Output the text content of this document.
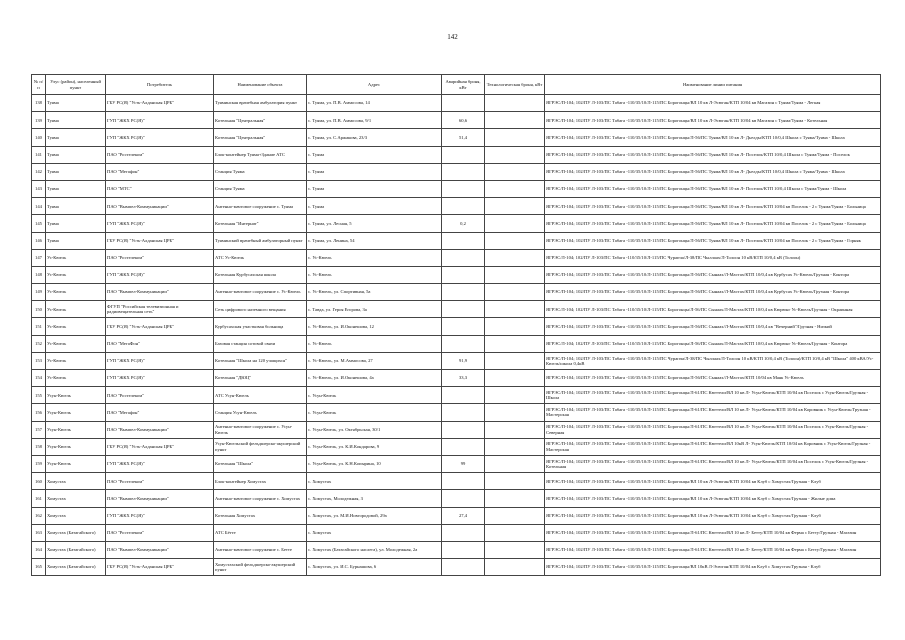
142
№ п/п	Улус (район), населенный пункт	Потребитель	Наименование объекта	Адрес	Аварийная броня, кВт	Технологическая броня, кВт	Наименование линии питания
138	Туяма	ГБУ РС(Я) "Усть-Алданская ЦРБ"	Туяминская врачебная амбулатория пункт	с. Туяма, ул. П.В. Аммосова, 14			ЯГРЭС/П-104; 102/ПУ Л-103/ПС Табага -110/35/10/Л-115/ПС Борогонцы/ВЛ 10 кв Л-Эсюган/КТП 10/04 кв Магазин с Туяма/Туяма - Легкая
139	Туяма	ГУП "ЖКХ РС(Я)"	Котельная "Центральная"	с. Туяма, ул. П.В. Аммосова, 9/1	60,6		ЯГРЭС/П-104; 102/ПУ Л-103/ПС Табага -110/35/10/Л-115/ПС Борогонцы/ВЛ 10 кв Л-Эсюган/КТП 10/04 кв Магазин с Туяма/Туяма - Котельная
140	Туяма	ГУП "ЖКХ РС(Я)"	Котельная "Центральная"	с. Туяма, ул. С.Аржакова, 23/3	51,4		ЯГРЭС/П-104; 102/ПУ Л-103/ПС Табага -110/35/10/Л-115/ПС Борогонцы/Л-56/ПС Туяма/ВЛ 10 кв Л- Дьелды/КТП 10/0,4 Школа с Туяма/Туяма - Школа
141	Туяма	ПАО "Ростелеком"	Блок-контейнер Туяма+Здание АТС	с. Туяма			ЯГРЭС/П-104; 102/ПУ Л-103/ПС Табага -110/35/10/Л-115/ПС Борогонцы/Л-56/ПС Туяма/ВЛ 10 кв Л- Поселок/КТП 10/0,4 Школа с Туяма/Туяма - Поселок
142	Туяма	ПАО "Мегафон"	Станция Туяма	с. Туяма			ЯГРЭС/П-104; 102/ПУ Л-103/ПС Табага -110/35/10/Л-115/ПС Борогонцы/Л-56/ПС Туяма/ВЛ 10 кв Л- Дьелды/КТП 10/0,4 Школа с Туяма/Туяма - Школа
143	Туяма	ПАО "МТС"	Станция Туяма	с. Туяма			ЯГРЭС/П-104; 102/ПУ Л-103/ПС Табага -110/35/10/Л-115/ПС Борогонцы/Л-56/ПС Туяма/ВЛ 10 кв Л- Поселок/КТП 10/0,4 Школа с Туяма/Туяма - Школа
144	Туяма	ПАО "Вымпел-Коммуникации"	Антенно-мачтовое сооружение с. Туяма	с. Туяма			ЯГРЭС/П-104; 102/ПУ Л-103/ПС Табага -110/35/10/Л-115/ПС Борогонцы/Л-56/ПС Туяма/ВЛ 10 кв Л- Поселок/КТП 10/04 кв Поселок - 2 с Туяма/Туяма - Больница
145	Туяма	ГУП "ЖКХ РС(Я)"	Котельная "Интернат"	с. Туяма, ул. Лесная, 5	0,2		ЯГРЭС/П-104; 102/ПУ Л-103/ПС Табага -110/35/10/Л-115/ПС Борогонцы/Л-56/ПС Туяма/ВЛ 10 кв Л- Поселок/КТП 10/04 кв Поселок - 2 с Туяма/Туяма - Больница
146	Туяма	ГБУ РС(Я) "Усть-Алданская ЦРБ"	Туяминский врачебный амбулаторный пункт	с. Туяма, ул. Ленина, 54			ЯГРЭС/П-104; 102/ПУ Л-103/ПС Табага -110/35/10/Л-115/ПС Борогонцы/Л-56/ПС Туяма/ВЛ 10 кв Л- Поселок/КТП 10/04 кв Поселок - 2 с Туяма/Туяма - Горняк
147	Ус-Кюель	ПАО "Ростелеком"	АТС Ус-Кюель	с. Ус-Кюель			ЯГРЭС/Л-104; 102/ПУ Л-103/ПС Табага -110/35/10/Л-115/ПС Чурапча/Л-38/ПС Чыллаах/Л-Толоон 10 кВ/КТП 10/0,4 кВ (Толоон)
148	Ус-Кюель	ГУП "ЖКХ РС(Я)"	Котельная Курбусахская школа	с. Ус-Кюель			ЯГРЭС/П-104; 102/ПУ Л-103/ПС Табага -110/35/10/Л-115/ПС Борогонцы/Л-56/ПС Сынаах/Л-Мастах/КТП 10/0,4 кв Курбусах Ус-Кюель/Грузная - Контора
149	Ус-Кюель	ПАО "Вымпел-Коммуникации"	Антенно-мачтовое сооружение с. Ус-Кюель	с. Ус-Кюель, ул. Спортивная, 5а			ЯГРЭС/П-104; 102/ПУ Л-103/ПС Табага -110/35/10/Л-115/ПС Борогонцы/Л-56/ПС Сынаах/Л-Мастах/КТП 10/0,4 кв Курбусах Ус-Кюель/Грузная - Контора
150	Ус-Кюель	ФГУП "Российская телевизионная и радиовещательная сеть"	Сеть цифрового наземного вещания	с. Тавда, ул. Героя Егорова, 3а			ЯГРЭС/Л-104; 102/ПУ Л-103/ПС Табага -110/35/10/Л-115/ПС Борогонцы/Л-56/ПС Сынаах/Л-Мастах/КТП 10/0,4 кв Кюрюнг Ус-Кюель/Грузная - Окраинная
151	Ус-Кюель	ГБУ РС(Я) "Усть-Алданская ЦРБ"	Курбусахская участковая больница	с. Ус-Кюель, ул. И.Оконешова, 12			ЯГРЭС/П-104; 102/ПУ Л-103/ПС Табага -110/35/10/Л-115/ПС Борогонцы/Л-56/ПС Сынаах/Л-Мастах/КТП 10/0,4 кв "Вечерний"/Грузная - Низкий
152	Ус-Кюель	ПАО "МегаФон"	Базовая станция сотовой связи	с. Ус-Кюель			ЯГРЭС/Л-104; 102/ПУ Л-103/ПС Табага -110/35/10/Л-115/ПС Борогонцы/Л-56/ПС Сынаах/Л-Мастах/КТП 10/0,4 кв Кюрюнг Ус-Кюель/Грузная - Контора
153	Ус-Кюель	ГУП "ЖКХ РС(Я)"	Котельная "Школа на 120 учащихся"	с. Ус-Кюель, ул. М.Аммосова, 27	91,9		ЯГРЭС/П-104; 102/ПУ Л-103/ПС Табага -110/35/10/Л-115/ПС Чурапча/Л-38/ПС Чыллаах/Л-Толоон 10 кВ/КТП 10/0,4 кВ (Толоон)/КТП 10/0,4 кВ "Школа" 400 кВА/Ус-Кюель/школа 0,4кВ
154	Ус-Кюель	ГУП "ЖКХ РС(Я)"	Котельная "ДЮЦ"	с. Ус-Кюель, ул. И.Оконешова, 4а	33,3		ЯГРЭС/П-104; 102/ПУ Л-103/ПС Табага -110/35/10/Л-115/ПС Борогонцы/Л-56/ПС Сынаах/Л-Мастах/КТП 10/04 кв Маяк Ус-Кюель
155	Усун-Кюель	ПАО "Ростелеком"	АТС Усун-Кюель	с. Усун-Кюель			ЯГРЭС/П-104; 102/ПУ Л-103/ПС Табага -110/35/10/Л-115/ПС Борогонцы/Л-61/ПС Кюттели/ВЛ 10 кв Л- Усун-Кюель/КТП 10/04 кв Поселок с Усун-Кюель/Грузная - Школа
156	Усун-Кюель	ПАО "Мегафон"	Станция Усун-Кюель	с. Усун-Кюель			ЯГРЭС/П-104; 102/ПУ Л-103/ПС Табага -110/35/10/Л-115/ПС Борогонцы/Л-61/ПС Кюттели/ВЛ 10 кв Л- Усун-Кюель/КТП 10/04 кв Коровник с Усун-Кюель/Грузная - Мастерская
157	Усун-Кюель	ПАО "Вымпел-Коммуникации"	Антенно-мачтовое сооружение с. Усун-Кюель	с. Усун-Кюель, ул. Октябрьская, 30/1			ЯГРЭС/П-104; 102/ПУ Л-103/ПС Табага -110/35/10/Л-115/ПС Борогонцы/Л-61/ПС Кюттели/ВЛ 10 кв Л- Усун-Кюель/КТП 10/04 кв Поселок с Усун-Кюель/Грузная - Северная
158	Усун-Кюель	ГБУ РС(Я) "Усть-Алданская ЦРБ"	Усун-Кюельский фельдшерско-акушерский пункт	с. Усун-Кюель, ул. К.И.Кондарова, 9			ЯГРЭС/П-104; 102/ПУ Л-103/ПС Табага -110/35/10/Л-115/ПС Борогонцы/Л-61/ПС Кюттели/ВЛ 10кВ Л- Усун-Кюель/КТП 10/04 кв Коровник с Усун-Кюель/Грузная - Мастерская
159	Усун-Кюель	ГУП "ЖКХ РС(Я)"	Котельная "Школа"	с. Усун-Кюель, ул. К.Н.Копырина, 10	99		ЯГРЭС/П-104; 102/ПУ Л-103/ПС Табага -110/35/10/Л-115/ПС Борогонцы/Л-61/ПС Кюттели/ВЛ 10 кв Л- Усун-Кюель/КТП 10/04 кв Поселок с Усун-Кюель/Грузная - Котельная
160	Хомустах	ПАО "Ростелеком"	Блок-контейнер Хомустах	с. Хомустах			ЯГРЭС/П-104; 102/ПУ Л-103/ПС Табага -110/35/10/Л-115/ПС Борогонцы/ВЛ 10 кв Л-Эсюган/КТП 10/04 кв Клуб с Хомустах/Грузная - Клуб
161	Хомустах	ПАО "Вымпел-Коммуникации"	Антенно-мачтовое сооружение с. Хомустах	с. Хомустах, Молодежная, 3			ЯГРЭС/П-104; 102/ПУ Л-103/ПС Табага -110/35/10/Л-115/ПС Борогонцы/ВЛ 10 кв Л-Эсюган/КТП 10/04 кв Клуб с Хомустах/Грузная - Жилые дома
162	Хомустах	ГУП "ЖКХ РС(Я)"	Котельная Хомустах	с. Хомустах, ул. М.И.Новгородовой, 29а	27,4		ЯГРЭС/П-104; 102/ПУ Л-103/ПС Табага -110/35/10/Л-115/ПС Борогонцы/ВЛ 10 кв Л-Эсюган/КТП 10/04 кв Клуб с Хомустах/Грузная - Клуб
163	Хомустах (Батагайского)	ПАО "Ростелеком"	АТС Бётте	с. Хомустах			ЯГРЭС/П-104; 102/ПУ Л-103/ПС Табага -110/35/10/Л-115/ПС Борогонцы/Л-61/ПС Кюттели/ВЛ 10 кв Л- Бетту/КТП 10/04 кв Ферма с Бетту/Грузная - Магазин
164	Хомустах (Батагайского)	ПАО "Вымпел-Коммуникации"	Антенно-мачтовое сооружение с. Бетте	с. Хомустах (Батагайского наслега), ул. Молодежная, 2а			ЯГРЭС/П-104; 102/ПУ Л-103/ПС Табага -110/35/10/Л-115/ПС Борогонцы/Л-61/ПС Кюттели/ВЛ 10 кв Л- Бетту/КТП 10/04 кв Ферма с Бетту/Грузная - Магазин
165	Хомустах (Батагайского)	ГБУ РС(Я) "Усть-Алданская ЦРБ"	Хомустахский фельдшерско-акушерский пункт	с. Хомустах, ул. И.С. Бурнашова, 6			ЯГРЭС/П-104; 102/ПУ Л-103/ПС Табага -110/35/10/Л-115/ПС Борогонцы/ВЛ 10кВ Л-Эсюган/КТП 10/04 кв Клуб с Хомустах/Грузная - Клуб
